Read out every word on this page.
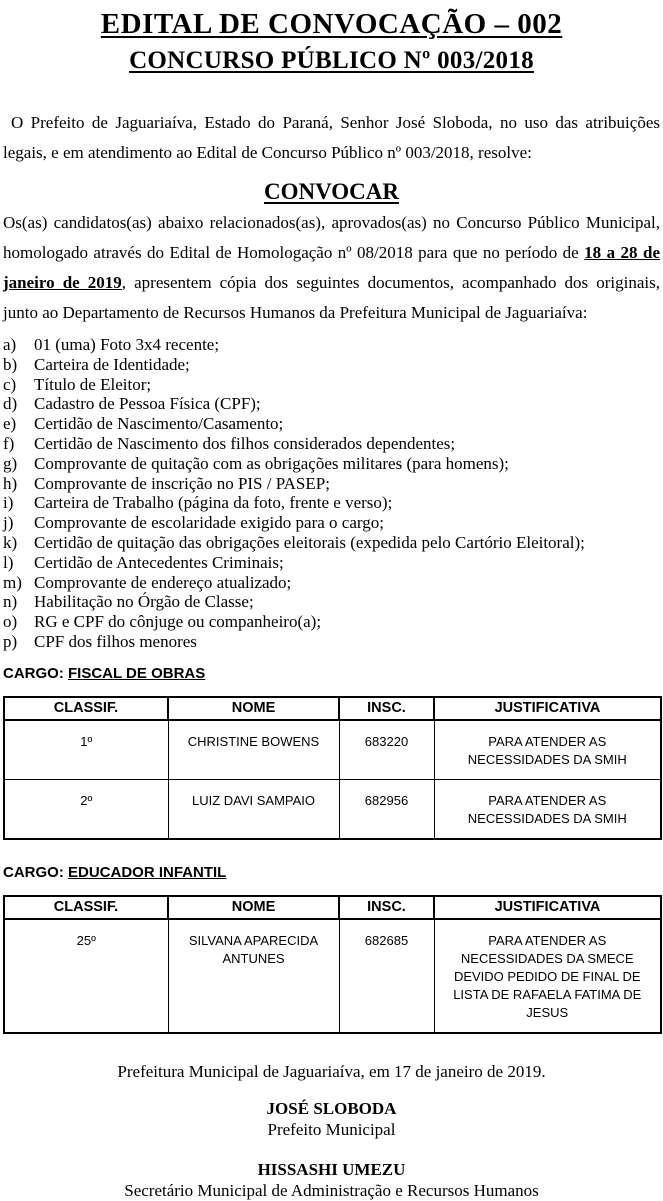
EDITAL DE CONVOCAÇÃO – 002
CONCURSO PÚBLICO Nº 003/2018

O Prefeito de Jaguariaíva, Estado do Paraná, Senhor José Sloboda, no uso das atribuições legais, e em atendimento ao Edital de Concurso Público nº 003/2018, resolve:

CONVOCAR

Os(as) candidatos(as) abaixo relacionados(as), aprovados(as) no Concurso Público Municipal, homologado através do Edital de Homologação nº 08/2018 para que no período de 18 a 28 de janeiro de 2019, apresentem cópia dos seguintes documentos, acompanhado dos originais, junto ao Departamento de Recursos Humanos da Prefeitura Municipal de Jaguariaíva:

a) 01 (uma) Foto 3x4 recente;
b) Carteira de Identidade;
c) Título de Eleitor;
d) Cadastro de Pessoa Física (CPF);
e) Certidão de Nascimento/Casamento;
f) Certidão de Nascimento dos filhos considerados dependentes;
g) Comprovante de quitação com as obrigações militares (para homens);
h) Comprovante de inscrição no PIS / PASEP;
i) Carteira de Trabalho (página da foto, frente e verso);
j) Comprovante de escolaridade exigido para o cargo;
k) Certidão de quitação das obrigações eleitorais (expedida pelo Cartório Eleitoral);
l) Certidão de Antecedentes Criminais;
m) Comprovante de endereço atualizado;
n) Habilitação no Órgão de Classe;
o) RG e CPF do cônjuge ou companheiro(a);
p) CPF dos filhos menores
CARGO: FISCAL DE OBRAS
CLASSIF.	NOME	INSC.	JUSTIFICATIVA
1º	CHRISTINE BOWENS	683220	PARA ATENDER AS NECESSIDADES DA SMIH
2º	LUIZ DAVI SAMPAIO	682956	PARA ATENDER AS NECESSIDADES DA SMIH
CARGO: EDUCADOR INFANTIL
CLASSIF.	NOME	INSC.	JUSTIFICATIVA
25º	SILVANA APARECIDA ANTUNES	682685	PARA ATENDER AS NECESSIDADES DA SMECE DEVIDO PEDIDO DE FINAL DE LISTA DE RAFAELA FATIMA DE JESUS
Prefeitura Municipal de Jaguariaíva, em 17 de janeiro de 2019.
JOSÉ SLOBODA
Prefeito Municipal
HISSASHI UMEZU
Secretário Municipal de Administração e Recursos Humanos
